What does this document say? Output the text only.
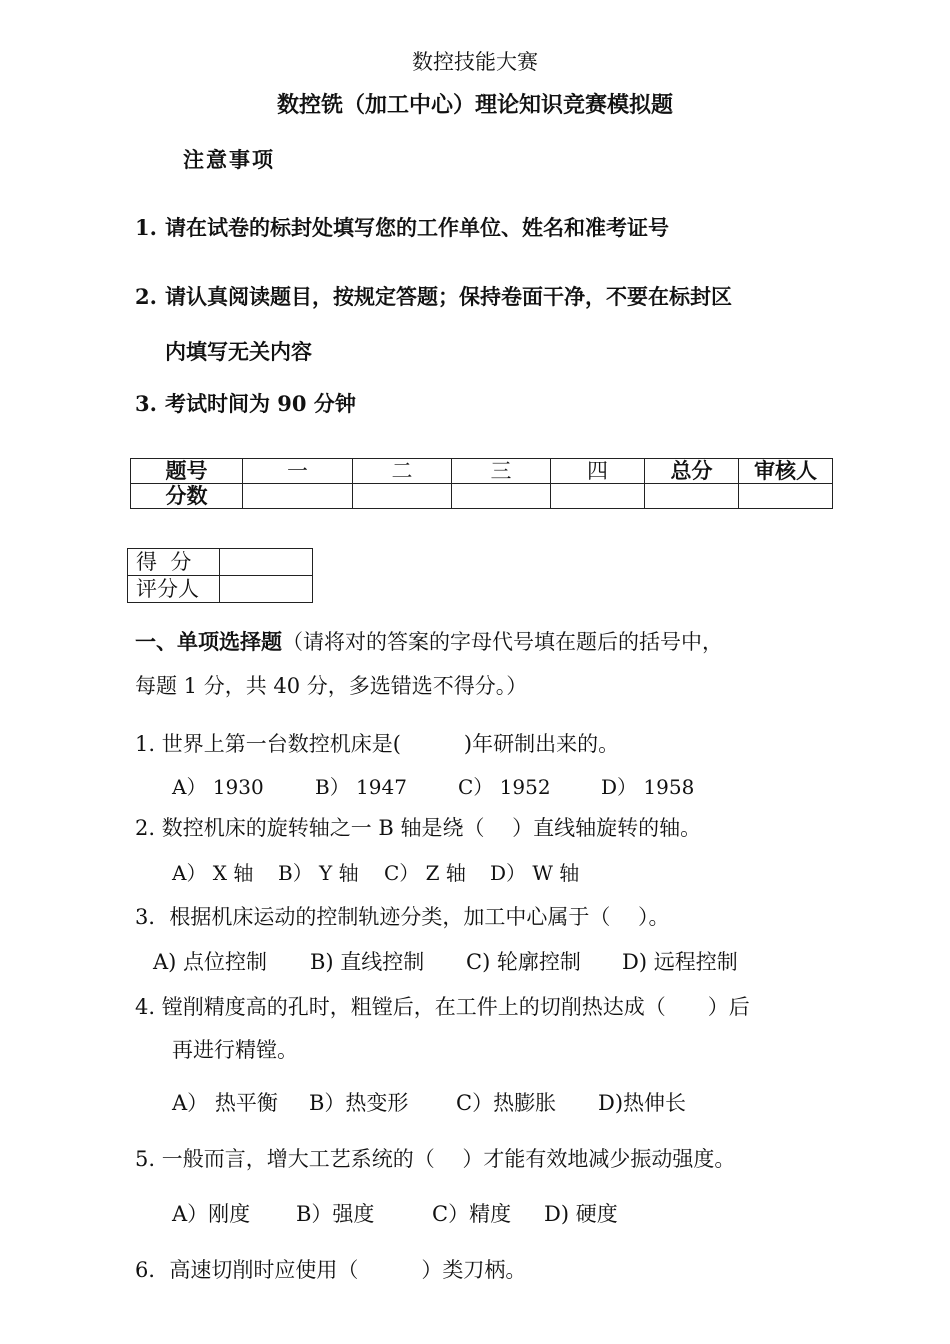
数控技能大赛
数控铣（加工中心）理论知识竞赛模拟题
注意事项
1. 请在试卷的标封处填写您的工作单位、姓名和准考证号
2. 请认真阅读题目，按规定答题；保持卷面干净，不要在标封区
内填写无关内容
3. 考试时间为 90 分钟
题号	一	二	三	四	总分	审核人
分数						
得  分	
评分人	
一、单项选择题（请将对的答案的字母代号填在题后的括号中，
每题 1 分，共 40 分，多选错选不得分。）
1. 世界上第一台数控机床是(　　　)年研制出来的。
A） 1930	B） 1947	C） 1952	D） 1958
2. 数控机床的旋转轴之一 B 轴是绕（　 ）直线轴旋转的轴。
A） X 轴 B） Y 轴 C） Z 轴 D） W 轴
3．根据机床运动的控制轨迹分类，加工中心属于（　 ）。
A) 点位控制 B) 直线控制 C) 轮廓控制 D) 远程控制
4. 镗削精度高的孔时，粗镗后，在工件上的切削热达成（　　）后
再进行精镗。
A） 热平衡 B）热变形 C）热膨胀 D)热伸长
5. 一般而言，增大工艺系统的（　 ）才能有效地减少振动强度。
A）刚度 B）强度	C）精度 D) 硬度
6．高速切削时应使用（　　　）类刀柄。
